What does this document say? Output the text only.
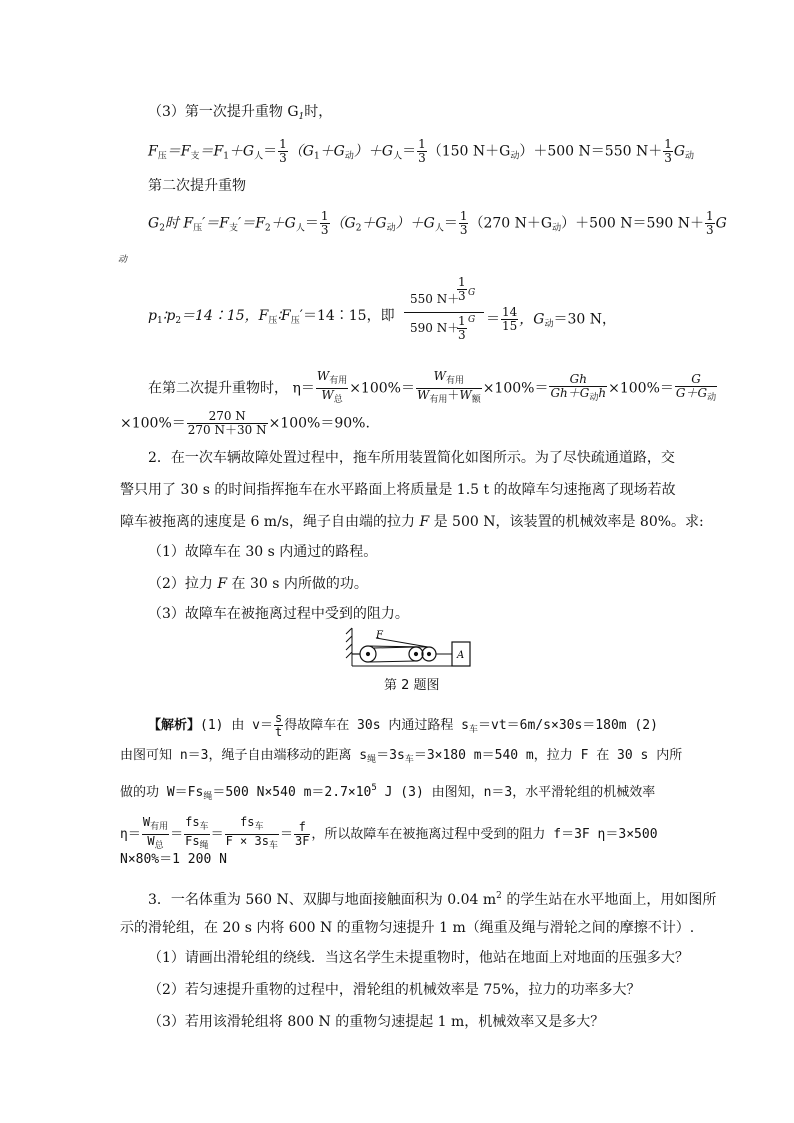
（3）第一次提升重物 $G_1$时，
$F_压=F_支=F_1+G_人= \frac{1}{3} (G_1+G_动)+G_人= \frac{1}{3} (150$ $N+G_动)+500$ N＝550 $N+ \frac{1}{3} G_动$
第二次提升重物
$G_2$时 $F_压'=F_支'=F_2+G_人= \frac{1}{3} (G_2+G_动)+G_人= \frac{1}{3} (270$ $N+G_动)+500$ N＝590 $N+ \frac{1}{3}$ G
动
$p_1∶p_2=14∶15$，$F_压∶F_压'=14∶15$，即
550 N＋
$\frac{1}{3}$ G
590 N＋
$\frac{1}{3}$ $G = \frac{14}{15}$ ，$G_动=30$ N，
在第二次提升重物时， $\eta= \frac{W_{有用}}{W_总} \times 100\%= \frac{W_{有用}}{W_{有用}+W_额} \times 100\%= \frac{Gh}{Gh+G_动h} \times 100\%= \frac{G}{G+G_动}$
$\times 100\%= \frac{270 N}{270 N+30 N} \times 100\%=90\%$.
2．在一次车辆故障处置过程中，拖车所用装置简化如图所示。为了尽快疏通道路，交
警只用了 30 s 的时间指挥拖车在水平路面上将质量是 1.5 t 的故障车匀速拖离了现场若故
障车被拖离的速度是 6 m/s，绳子自由端的拉力 F 是 500 N，该装置的机械效率是 80%。求:
（1）故障车在 30 s 内通过的路程。
（2）拉力 F 在 30 s 内所做的功。
（3）故障车在被拖离过程中受到的阻力。
F
A
第 2 题图
【解析】(1) 由 $v= \frac{s}{t}$ 得故障车在 30s 内通过路程 $s_车=vt=6m/s\times 30s=180m$ (2)
由图可知 n＝3，绳子自由端移动的距离 $s_绳=3s_车=3\times 180$ m＝540 m，拉力 F 在 30 s 内所
做的功 $W=Fs_绳=500$ N×540 $m=2.7\times 10^5$ J (3) 由图知，n＝3，水平滑轮组的机械效率
$\eta= \frac{W_{有用}}{W_总} = \frac{fs_车}{Fs_绳} = \frac{fs_车}{F \times 3s_车} = \frac{f}{3F}$ ，所以故障车在被拖离过程中受到的阻力 f＝3F η＝3×500
N×80%＝1 200 N
3．一名体重为 560 N、双脚与地面接触面积为 0.04 $m^2$ 的学生站在水平地面上，用如图所
示的滑轮组，在 20 s 内将 600 N 的重物匀速提升 1 m（绳重及绳与滑轮之间的摩擦不计）.
（1）请画出滑轮组的绕线．当这名学生未提重物时，他站在地面上对地面的压强多大？
（2）若匀速提升重物的过程中，滑轮组的机械效率是 75%，拉力的功率多大？
（3）若用该滑轮组将 800 N 的重物匀速提起 1 m，机械效率又是多大？
